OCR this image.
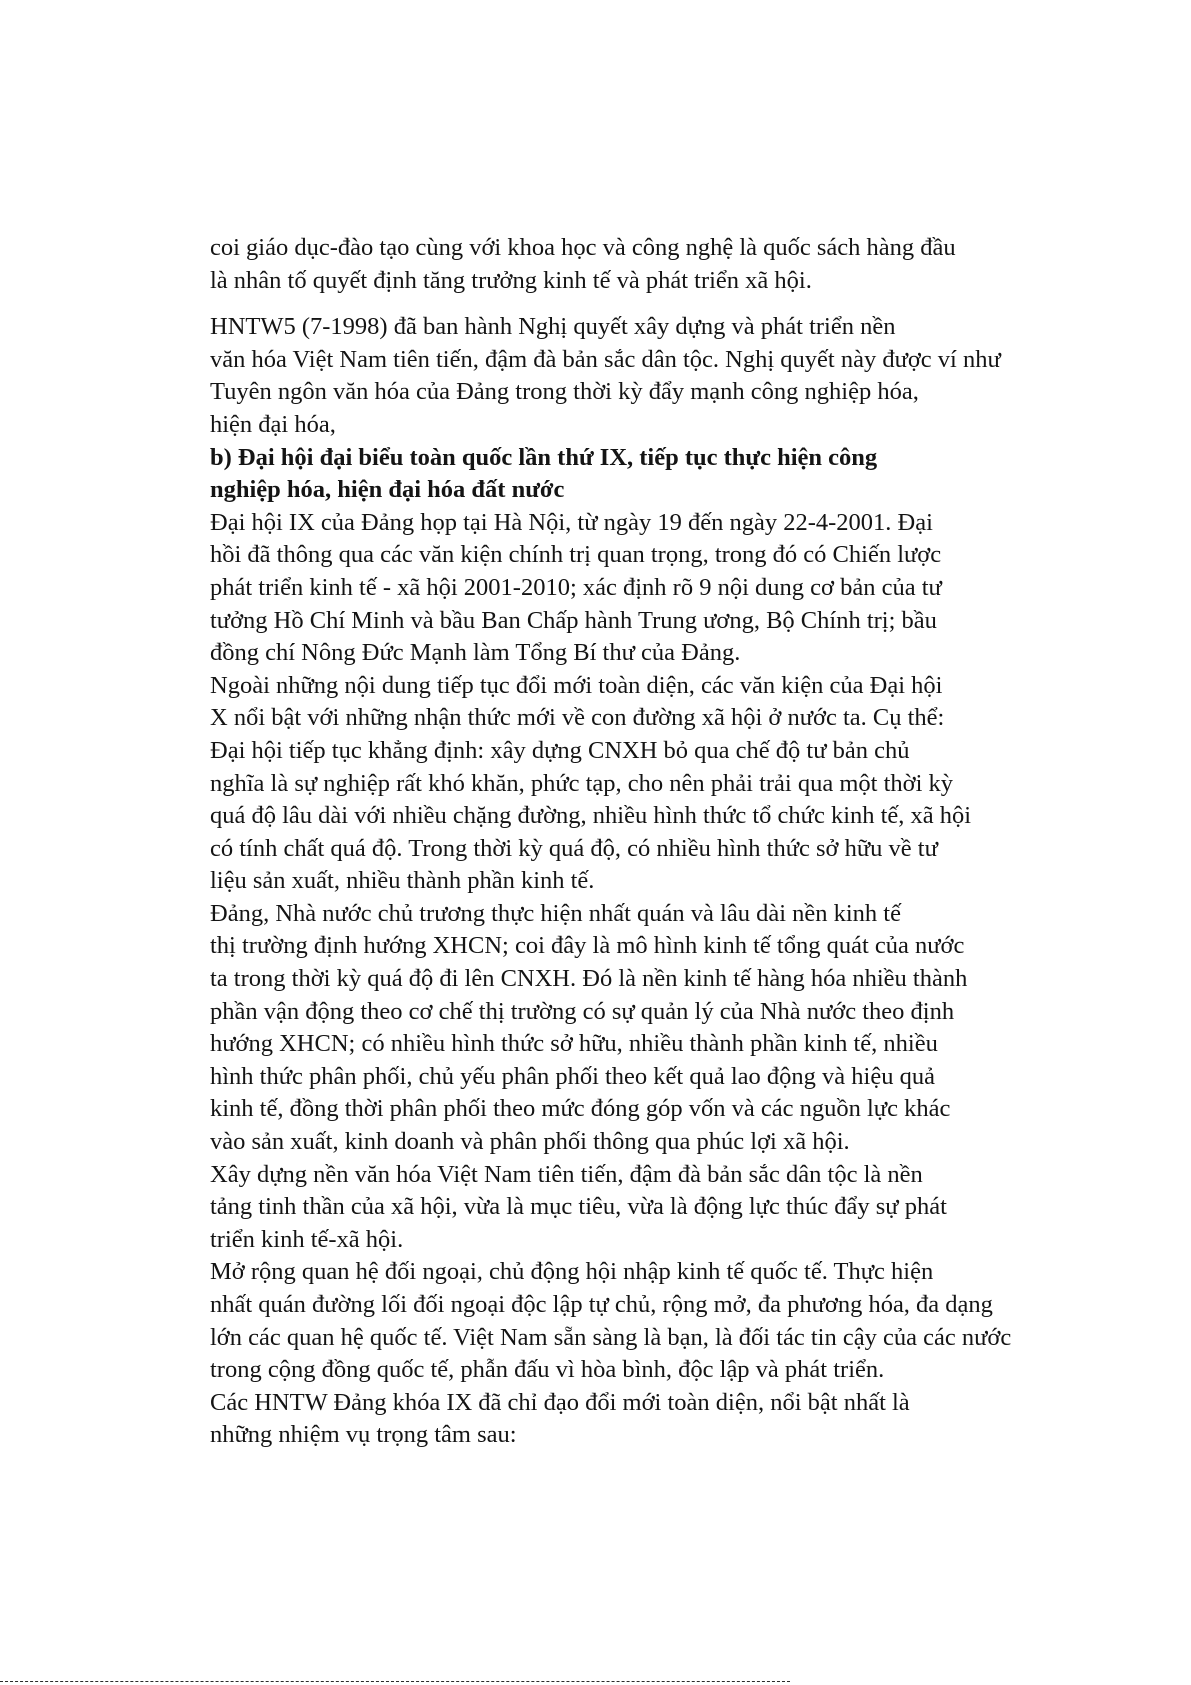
coi giáo dục-đào tạo cùng với khoa học và công nghệ là quốc sách hàng đầu
là nhân tố quyết định tăng trưởng kinh tế và phát triển xã hội.
HNTW5 (7-1998) đã ban hành Nghị quyết xây dựng và phát triển nền
văn hóa Việt Nam tiên tiến, đậm đà bản sắc dân tộc. Nghị quyết này được ví như
Tuyên ngôn văn hóa của Đảng trong thời kỳ đẩy mạnh công nghiệp hóa,
hiện đại hóa,
b) Đại hội đại biểu toàn quốc lần thứ IX, tiếp tục thực hiện công
nghiệp hóa, hiện đại hóa đất nước
Đại hội IX của Đảng họp tại Hà Nội, từ ngày 19 đến ngày 22-4-2001. Đại
hồi đã thông qua các văn kiện chính trị quan trọng, trong đó có Chiến lược
phát triển kinh tế - xã hội 2001-2010; xác định rõ 9 nội dung cơ bản của tư
tưởng Hồ Chí Minh và bầu Ban Chấp hành Trung ương, Bộ Chính trị; bầu
đồng chí Nông Đức Mạnh làm Tổng Bí thư của Đảng.
Ngoài những nội dung tiếp tục đổi mới toàn diện, các văn kiện của Đại hội
X nổi bật với những nhận thức mới về con đường xã hội ở nước ta. Cụ thể:
Đại hội tiếp tục khẳng định: xây dựng CNXH bỏ qua chế độ tư bản chủ
nghĩa là sự nghiệp rất khó khăn, phức tạp, cho nên phải trải qua một thời kỳ
quá độ lâu dài với nhiều chặng đường, nhiều hình thức tổ chức kinh tế, xã hội
có tính chất quá độ. Trong thời kỳ quá độ, có nhiều hình thức sở hữu về tư
liệu sản xuất, nhiều thành phần kinh tế.
Đảng, Nhà nước chủ trương thực hiện nhất quán và lâu dài nền kinh tế
thị trường định hướng XHCN; coi đây là mô hình kinh tế tổng quát của nước
ta trong thời kỳ quá độ đi lên CNXH. Đó là nền kinh tế hàng hóa nhiều thành
phần vận động theo cơ chế thị trường có sự quản lý của Nhà nước theo định
hướng XHCN; có nhiều hình thức sở hữu, nhiều thành phần kinh tế, nhiều
hình thức phân phối, chủ yếu phân phối theo kết quả lao động và hiệu quả
kinh tế, đồng thời phân phối theo mức đóng góp vốn và các nguồn lực khác
vào sản xuất, kinh doanh và phân phối thông qua phúc lợi xã hội.
Xây dựng nền văn hóa Việt Nam tiên tiến, đậm đà bản sắc dân tộc là nền
tảng tinh thần của xã hội, vừa là mục tiêu, vừa là động lực thúc đẩy sự phát
triển kinh tế-xã hội.
Mở rộng quan hệ đối ngoại, chủ động hội nhập kinh tế quốc tế. Thực hiện
nhất quán đường lối đối ngoại độc lập tự chủ, rộng mở, đa phương hóa, đa dạng
lớn các quan hệ quốc tế. Việt Nam sẵn sàng là bạn, là đối tác tin cậy của các nước
trong cộng đồng quốc tế, phẫn đấu vì hòa bình, độc lập và phát triển.
Các HNTW Đảng khóa IX đã chỉ đạo đổi mới toàn diện, nổi bật nhất là
những nhiệm vụ trọng tâm sau:
